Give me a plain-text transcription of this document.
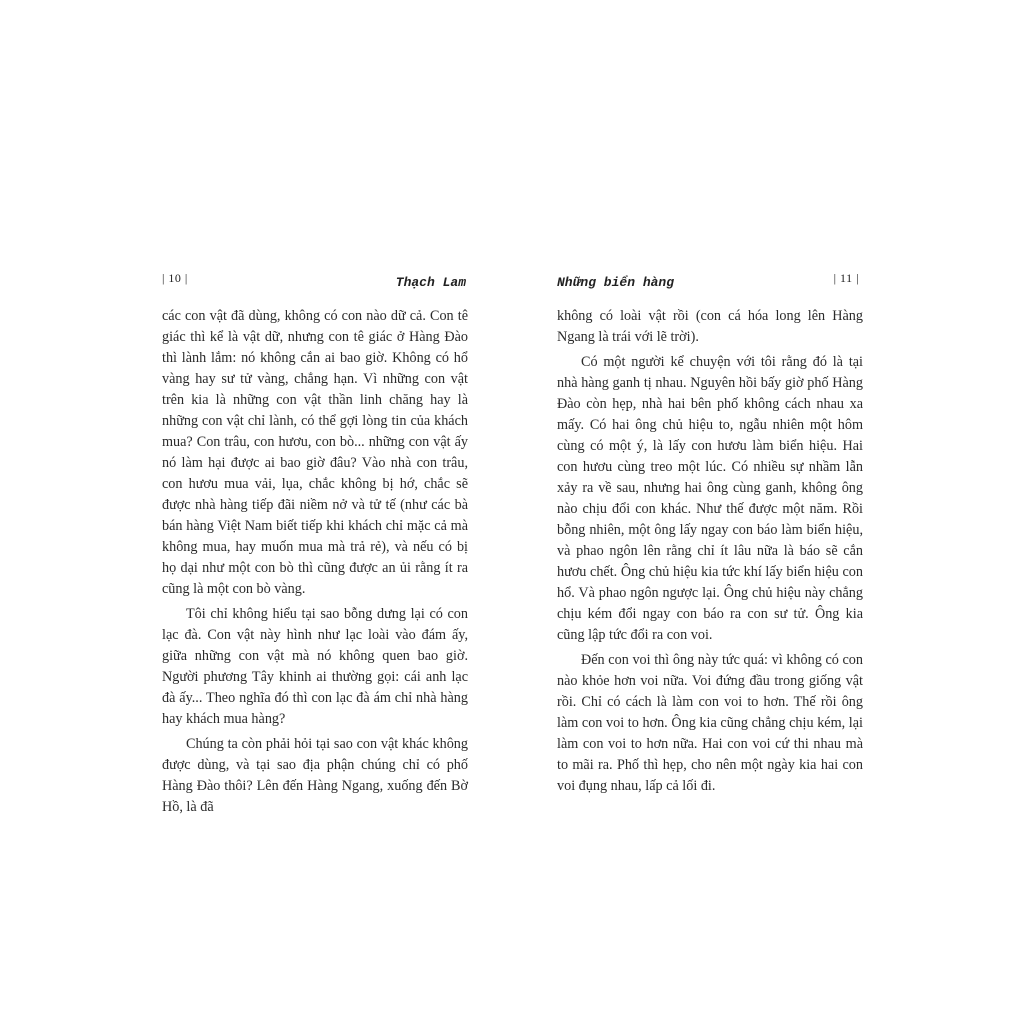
| 10 |	Thạch Lam

các con vật đã dùng, không có con nào dữ cả. Con tê giác thì kể là vật dữ, nhưng con tê giác ở Hàng Đào thì lành lắm: nó không cắn ai bao giờ. Không có hổ vàng hay sư tử vàng, chẳng hạn. Vì những con vật trên kia là những con vật thần linh chăng hay là những con vật chỉ lành, có thể gợi lòng tin của khách mua? Con trâu, con hươu, con bò... những con vật ấy nó làm hại được ai bao giờ đâu? Vào nhà con trâu, con hươu mua vải, lụa, chắc không bị hớ, chắc sẽ được nhà hàng tiếp đãi niềm nở và tử tế (như các bà bán hàng Việt Nam biết tiếp khi khách chỉ mặc cả mà không mua, hay muốn mua mà trả rẻ), và nếu có bị họ dại như một con bò thì cũng được an ủi rằng ít ra cũng là một con bò vàng.

Tôi chỉ không hiểu tại sao bỗng dưng lại có con lạc đà. Con vật này hình như lạc loài vào đám ấy, giữa những con vật mà nó không quen bao giờ. Người phương Tây khinh ai thường gọi: cái anh lạc đà ấy... Theo nghĩa đó thì con lạc đà ám chỉ nhà hàng hay khách mua hàng?

Chúng ta còn phải hỏi tại sao con vật khác không được dùng, và tại sao địa phận chúng chỉ có phố Hàng Đào thôi? Lên đến Hàng Ngang, xuống đến Bờ Hồ, là đã

Những biển hàng	| 11 |

không có loài vật rồi (con cá hóa long lên Hàng Ngang là trái với lẽ trời).

Có một người kể chuyện với tôi rằng đó là tại nhà hàng ganh tị nhau. Nguyên hồi bấy giờ phố Hàng Đào còn hẹp, nhà hai bên phố không cách nhau xa mấy. Có hai ông chủ hiệu to, ngẫu nhiên một hôm cùng có một ý, là lấy con hươu làm biển hiệu. Hai con hươu cùng treo một lúc. Có nhiều sự nhầm lẫn xảy ra về sau, nhưng hai ông cùng ganh, không ông nào chịu đổi con khác. Như thế được một năm. Rồi bỗng nhiên, một ông lấy ngay con báo làm biển hiệu, và phao ngôn lên rằng chỉ ít lâu nữa là báo sẽ cắn hươu chết. Ông chủ hiệu kia tức khí lấy biển hiệu con hổ. Và phao ngôn ngược lại. Ông chủ hiệu này chẳng chịu kém đổi ngay con báo ra con sư tử. Ông kia cũng lập tức đổi ra con voi.

Đến con voi thì ông này tức quá: vì không có con nào khỏe hơn voi nữa. Voi đứng đầu trong giống vật rồi. Chỉ có cách là làm con voi to hơn. Thế rồi ông làm con voi to hơn. Ông kia cũng chẳng chịu kém, lại làm con voi to hơn nữa. Hai con voi cứ thi nhau mà to mãi ra. Phố thì hẹp, cho nên một ngày kia hai con voi đụng nhau, lấp cả lối đi.
